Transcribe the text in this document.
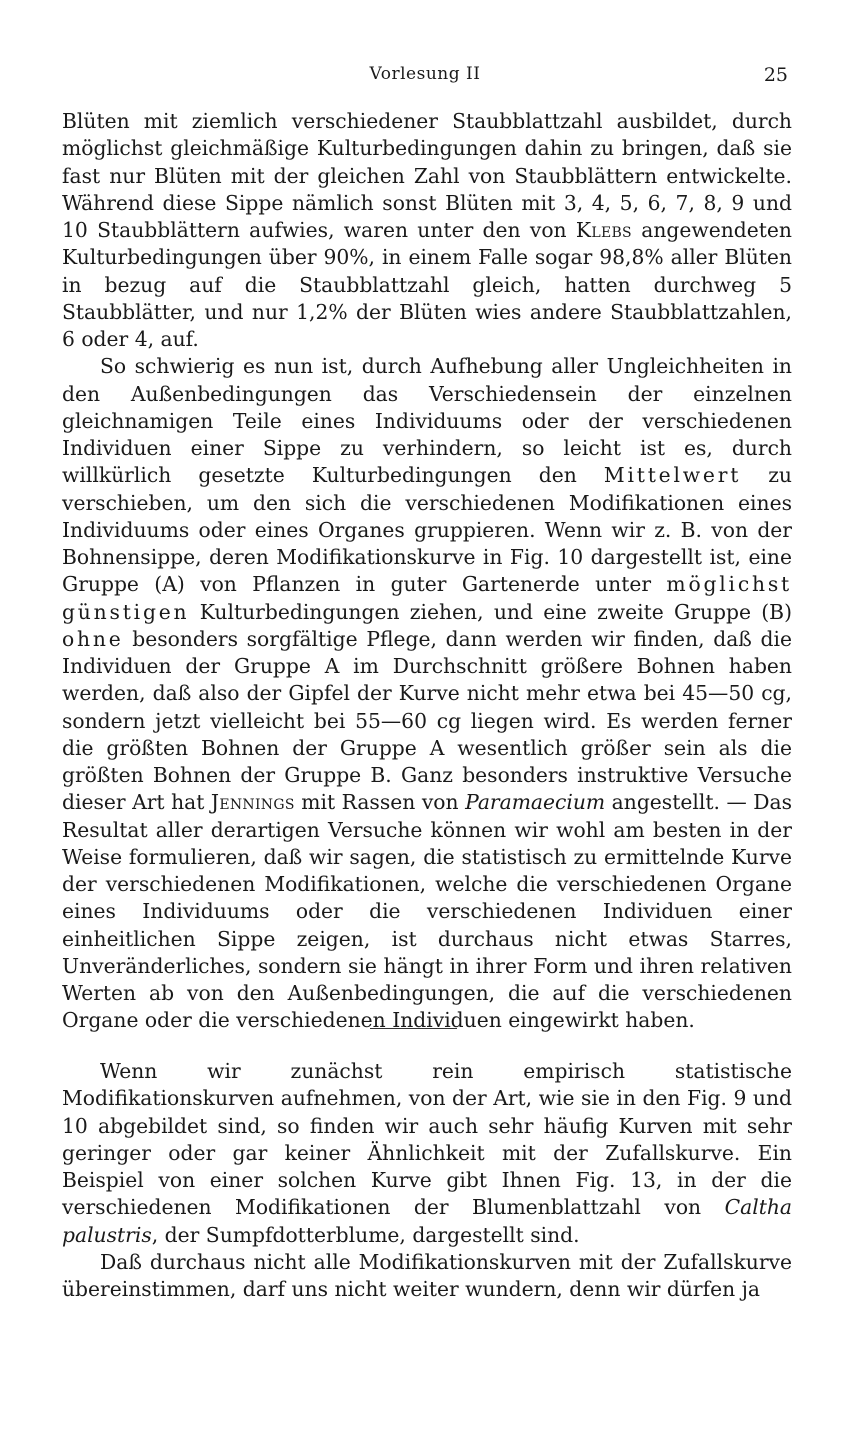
Vorlesung II	25

Blüten mit ziemlich verschiedener Staubblattzahl ausbildet, durch möglichst gleichmäßige Kulturbedingungen dahin zu bringen, daß sie fast nur Blüten mit der gleichen Zahl von Staubblättern entwickelte. Während diese Sippe nämlich sonst Blüten mit 3, 4, 5, 6, 7, 8, 9 und 10 Staubblättern aufwies, waren unter den von Klebs angewendeten Kulturbedingungen über 90%, in einem Falle sogar 98,8% aller Blüten in bezug auf die Staubblattzahl gleich, hatten durchweg 5 Staubblätter, und nur 1,2% der Blüten wies andere Staubblattzahlen, 6 oder 4, auf.

So schwierig es nun ist, durch Aufhebung aller Ungleichheiten in den Außenbedingungen das Verschiedensein der einzelnen gleichnamigen Teile eines Individuums oder der verschiedenen Individuen einer Sippe zu verhindern, so leicht ist es, durch willkürlich gesetzte Kulturbedingungen den Mittelwert zu verschieben, um den sich die verschiedenen Modifikationen eines Individuums oder eines Organes gruppieren. Wenn wir z. B. von der Bohnensippe, deren Modifikationskurve in Fig. 10 dargestellt ist, eine Gruppe (A) von Pflanzen in guter Gartenerde unter möglichst günstigen Kulturbedingungen ziehen, und eine zweite Gruppe (B) ohne besonders sorgfältige Pflege, dann werden wir finden, daß die Individuen der Gruppe A im Durchschnitt größere Bohnen haben werden, daß also der Gipfel der Kurve nicht mehr etwa bei 45—50 cg, sondern jetzt vielleicht bei 55—60 cg liegen wird. Es werden ferner die größten Bohnen der Gruppe A wesentlich größer sein als die größten Bohnen der Gruppe B. Ganz besonders instruktive Versuche dieser Art hat Jennings mit Rassen von Paramaecium angestellt. — Das Resultat aller derartigen Versuche können wir wohl am besten in der Weise formulieren, daß wir sagen, die statistisch zu ermittelnde Kurve der verschiedenen Modifikationen, welche die verschiedenen Organe eines Individuums oder die verschiedenen Individuen einer einheitlichen Sippe zeigen, ist durchaus nicht etwas Starres, Unveränderliches, sondern sie hängt in ihrer Form und ihren relativen Werten ab von den Außenbedingungen, die auf die verschiedenen Organe oder die verschiedenen Individuen eingewirkt haben.

Wenn wir zunächst rein empirisch statistische Modifikationskurven aufnehmen, von der Art, wie sie in den Fig. 9 und 10 abgebildet sind, so finden wir auch sehr häufig Kurven mit sehr geringer oder gar keiner Ähnlichkeit mit der Zufallskurve. Ein Beispiel von einer solchen Kurve gibt Ihnen Fig. 13, in der die verschiedenen Modifikationen der Blumenblattzahl von Caltha palustris, der Sumpfdotterblume, dargestellt sind.

Daß durchaus nicht alle Modifikationskurven mit der Zufallskurve übereinstimmen, darf uns nicht weiter wundern, denn wir dürfen ja
